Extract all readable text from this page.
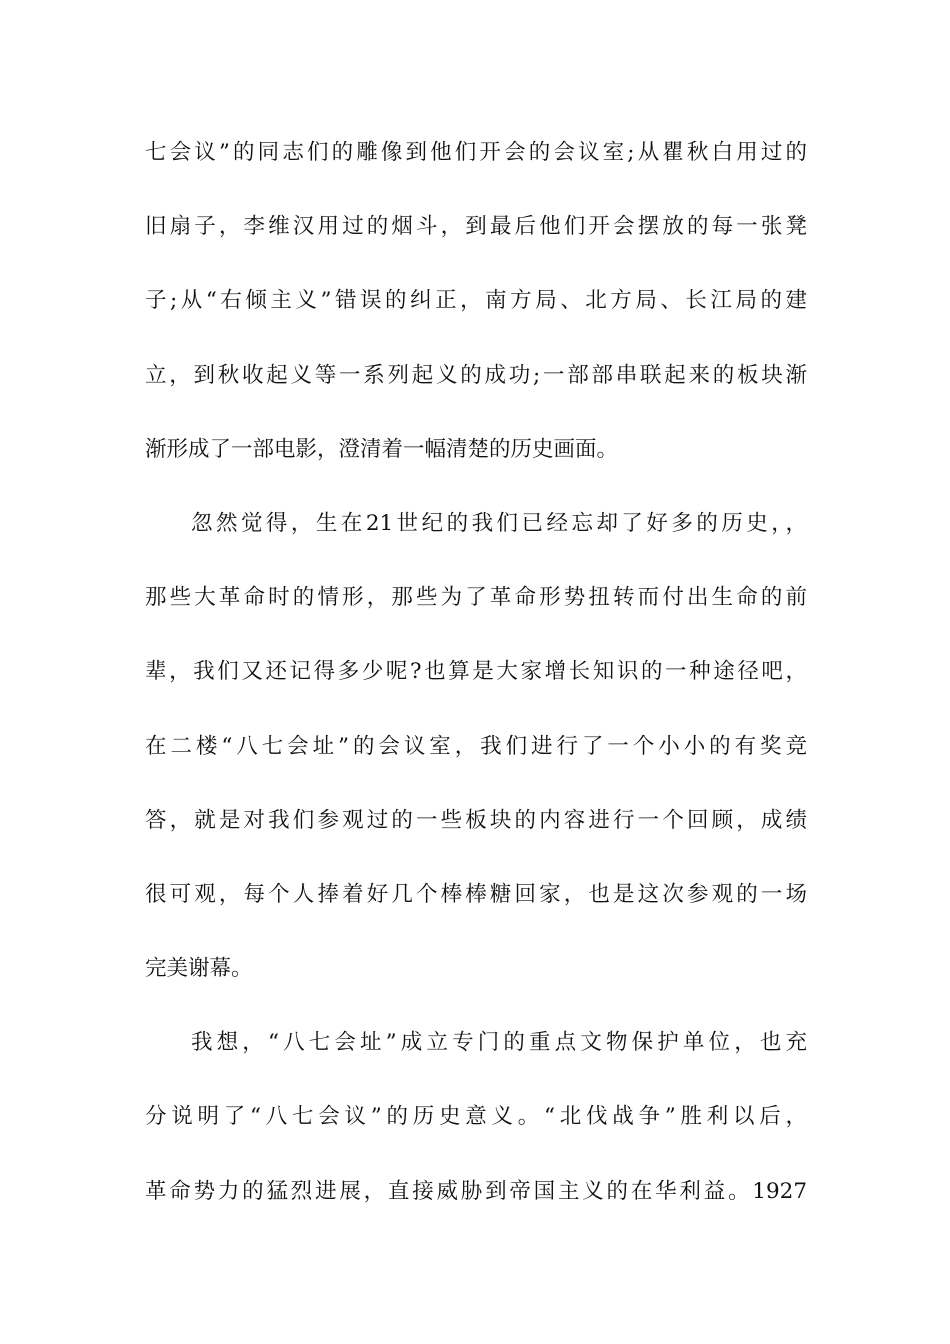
七会议”的同志们的雕像到他们开会的会议室;从瞿秋白用过的
旧扇子，李维汉用过的烟斗，到最后他们开会摆放的每一张凳
子;从“右倾主义”错误的纠正，南方局、北方局、长江局的建
立，到秋收起义等一系列起义的成功;一部部串联起来的板块渐
渐形成了一部电影，澄清着一幅清楚的历史画面。
忽然觉得，生在21世纪的我们已经忘却了好多的历史，，
那些大革命时的情形，那些为了革命形势扭转而付出生命的前
辈，我们又还记得多少呢?也算是大家增长知识的一种途径吧，
在二楼“八七会址”的会议室，我们进行了一个小小的有奖竞
答，就是对我们参观过的一些板块的内容进行一个回顾，成绩
很可观，每个人捧着好几个棒棒糖回家，也是这次参观的一场
完美谢幕。
我想，“八七会址”成立专门的重点文物保护单位，也充
分说明了“八七会议”的历史意义。“北伐战争”胜利以后，
革命势力的猛烈进展，直接威胁到帝国主义的在华利益。1927
